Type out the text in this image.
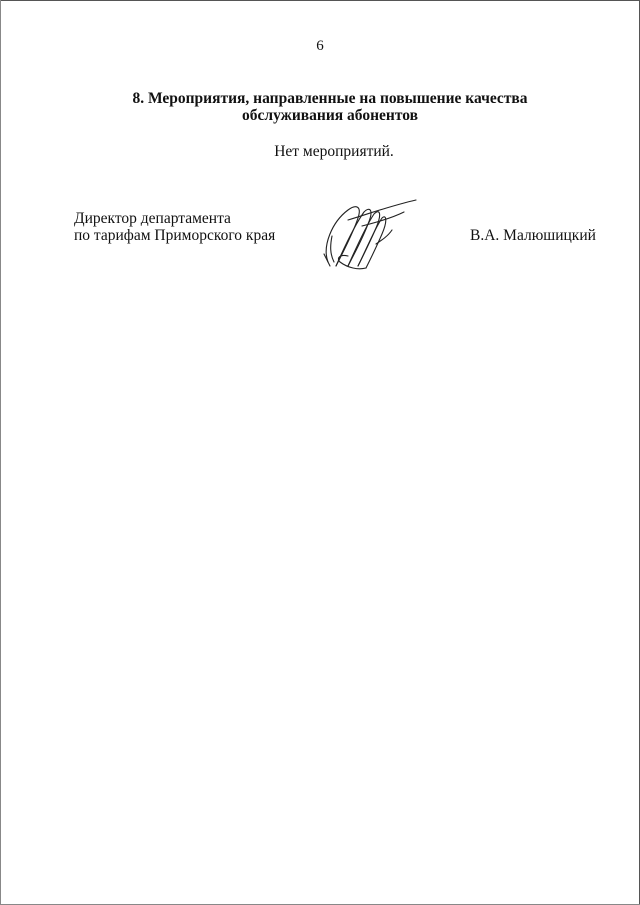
6
8. Мероприятия, направленные на повышение качества
обслуживания абонентов
Нет мероприятий.
Директор департамента
по тарифам Приморского края	В.А. Малюшицкий
